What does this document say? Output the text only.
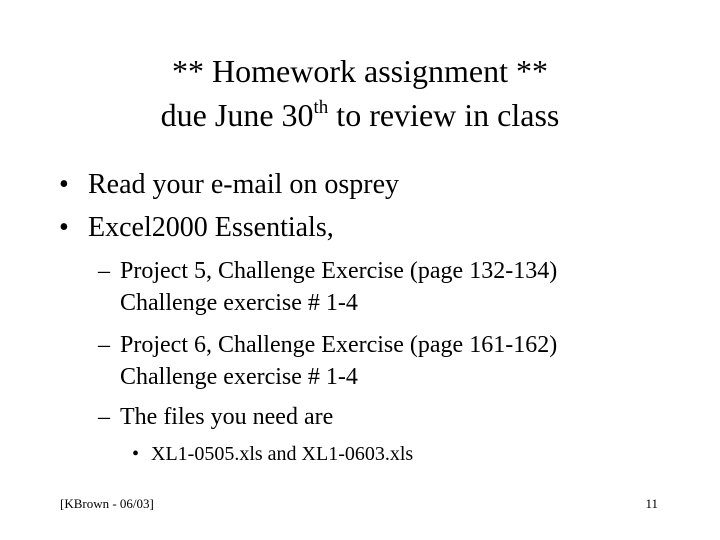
** Homework assignment **
due June 30th to review in class
• Read your e-mail on osprey
• Excel2000 Essentials,
– Project 5, Challenge Exercise (page 132-134)
Challenge exercise # 1-4
– Project 6, Challenge Exercise (page 161-162)
Challenge exercise # 1-4
– The files you need are
• XL1-0505.xls and XL1-0603.xls
[KBrown - 06/03]	11
